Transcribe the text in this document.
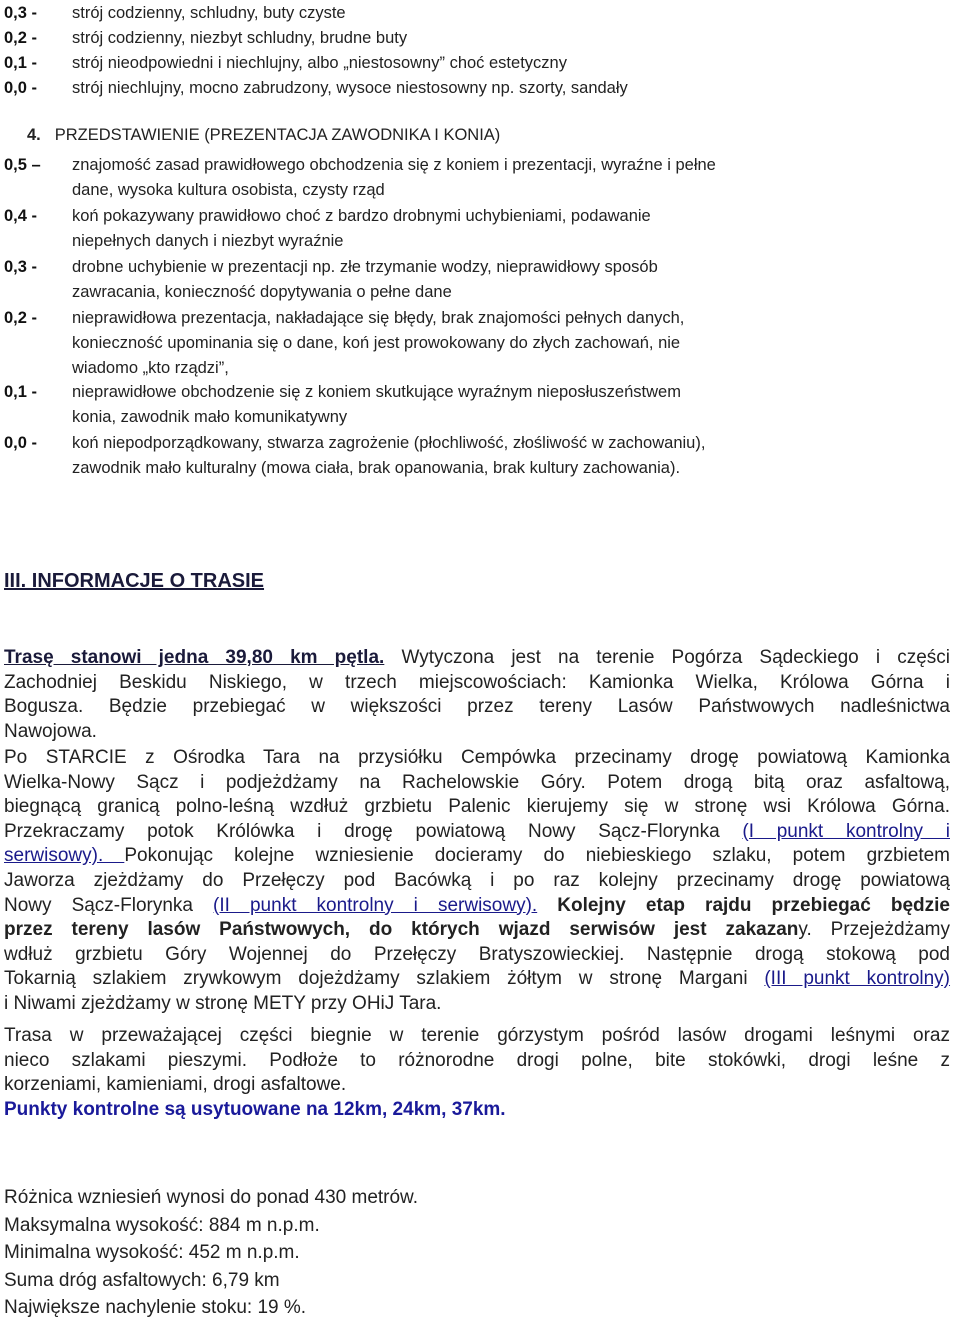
0,3 -	strój codzienny, schludny, buty czyste
0,2 -	strój codzienny, niezbyt schludny, brudne buty
0,1 -	strój nieodpowiedni i niechlujny, albo „niestosowny” choć estetyczny
0,0 -	strój niechlujny, mocno zabrudzony, wysoce niestosowny np. szorty, sandały
4. PRZEDSTAWIENIE (PREZENTACJA ZAWODNIKA I KONIA)
0,5 –	znajomość zasad prawidłowego obchodzenia się z koniem i prezentacji, wyraźne i pełne
dane, wysoka kultura osobista, czysty rząd
0,4 -	koń pokazywany prawidłowo choć z bardzo drobnymi uchybieniami, podawanie
niepełnych danych i niezbyt wyraźnie
0,3 -	drobne uchybienie w prezentacji np. złe trzymanie wodzy, nieprawidłowy sposób
zawracania, konieczność dopytywania o pełne dane
0,2 -	nieprawidłowa prezentacja, nakładające się błędy, brak znajomości pełnych danych,
konieczność upominania się o dane, koń jest prowokowany do złych zachowań, nie
wiadomo „kto rządzi”,
0,1 -	nieprawidłowe obchodzenie się z koniem skutkujące wyraźnym nieposłuszeństwem
konia, zawodnik mało komunikatywny
0,0 -	koń niepodporządkowany, stwarza zagrożenie (płochliwość, złośliwość w zachowaniu),
zawodnik mało kulturalny (mowa ciała, brak opanowania, brak kultury zachowania).
III. INFORMACJE O TRASIE
Trasę stanowi jedna 39,80 km pętla. Wytyczona jest na terenie Pogórza Sądeckiego i części
Zachodniej Beskidu Niskiego, w trzech miejscowościach: Kamionka Wielka, Królowa Górna i
Bogusza. Będzie przebiegać w większości przez tereny Lasów Państwowych nadleśnictwa
Nawojowa.
Po STARCIE z Ośrodka Tara na przysiółku Cempówka przecinamy drogę powiatową Kamionka
Wielka-Nowy Sącz i podjeżdżamy na Rachelowskie Góry. Potem drogą bitą oraz asfaltową,
biegnącą granicą polno-leśną wzdłuż grzbietu Palenic kierujemy się w stronę wsi Królowa Górna.
Przekraczamy potok Królówka i drogę powiatową Nowy Sącz-Florynka (I punkt kontrolny i
serwisowy). Pokonując kolejne wzniesienie docieramy do niebieskiego szlaku, potem grzbietem
Jaworza zjeżdżamy do Przełęczy pod Bacówką i po raz kolejny przecinamy drogę powiatową
Nowy Sącz-Florynka (II punkt kontrolny i serwisowy). Kolejny etap rajdu przebiegać będzie
przez tereny lasów Państwowych, do których wjazd serwisów jest zakazany. Przejeżdżamy
wdłuż grzbietu Góry Wojennej do Przełęczy Bratyszowieckiej. Następnie drogą stokową pod
Tokarnią szlakiem zrywkowym dojeżdżamy szlakiem żółtym w stronę Margani (III punkt kontrolny)
i Niwami zjeżdżamy w stronę METY przy OHiJ Tara.
Trasa w przeważającej części biegnie w terenie górzystym pośród lasów drogami leśnymi oraz
nieco szlakami pieszymi. Podłoże to różnorodne drogi polne, bite stokówki, drogi leśne z
korzeniami, kamieniami, drogi asfaltowe.
Punkty kontrolne są usytuowane na 12km, 24km, 37km.
Różnica wzniesień wynosi do ponad 430 metrów.
Maksymalna wysokość: 884 m n.p.m.
Minimalna wysokość: 452 m n.p.m.
Suma dróg asfaltowych: 6,79 km
Największe nachylenie stoku: 19 %.
